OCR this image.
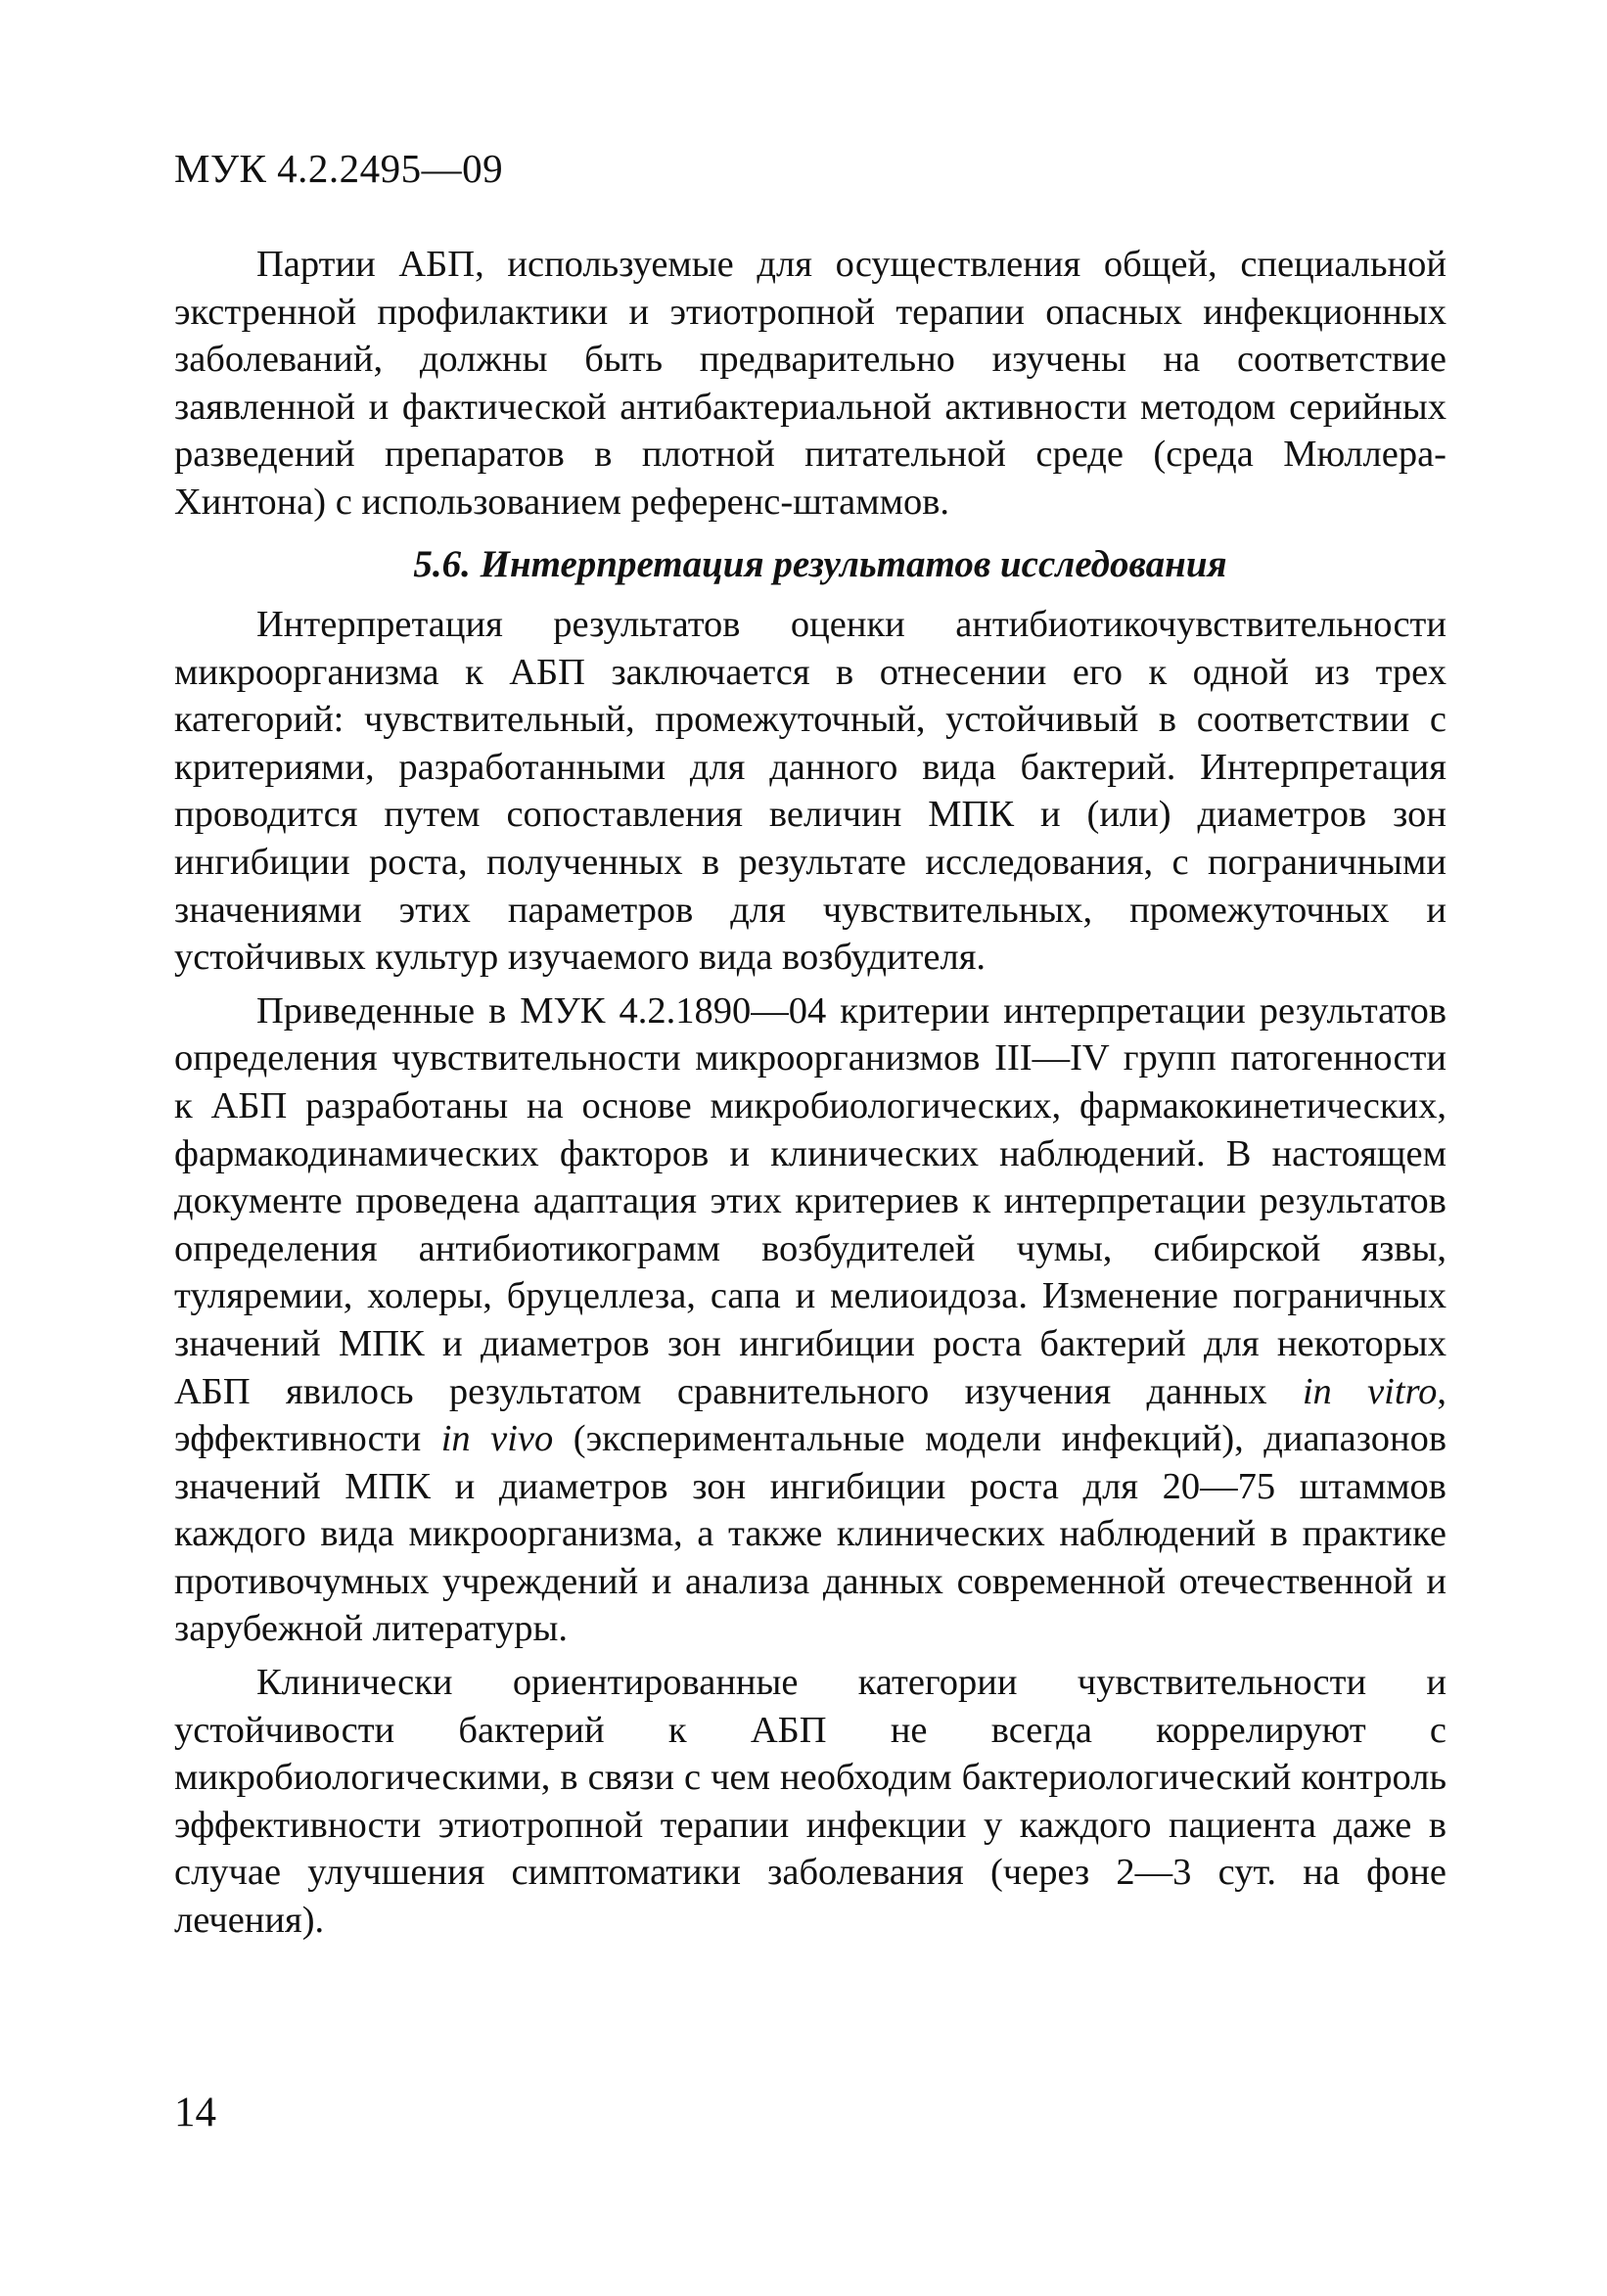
МУК 4.2.2495—09

Партии АБП, используемые для осуществления общей, специальной экстренной профилактики и этиотропной терапии опасных инфекционных заболеваний, должны быть предварительно изучены на соответствие заявленной и фактической антибактериальной активности методом серийных разведений препаратов в плотной питательной среде (среда Мюллера-Хинтона) с использованием референс-штаммов.

5.6. Интерпретация результатов исследования

Интерпретация результатов оценки антибиотикочувствительности микроорганизма к АБП заключается в отнесении его к одной из трех категорий: чувствительный, промежуточный, устойчивый в соответствии с критериями, разработанными для данного вида бактерий. Интерпретация проводится путем сопоставления величин МПК и (или) диаметров зон ингибиции роста, полученных в результате исследования, с пограничными значениями этих параметров для чувствительных, промежуточных и устойчивых культур изучаемого вида возбудителя.

Приведенные в МУК 4.2.1890—04 критерии интерпретации результатов определения чувствительности микроорганизмов III—IV групп патогенности к АБП разработаны на основе микробиологических, фармакокинетических, фармакодинамических факторов и клинических наблюдений. В настоящем документе проведена адаптация этих критериев к интерпретации результатов определения антибиотикограмм возбудителей чумы, сибирской язвы, туляремии, холеры, бруцеллеза, сапа и мелиоидоза. Изменение пограничных значений МПК и диаметров зон ингибиции роста бактерий для некоторых АБП явилось результатом сравнительного изучения данных in vitro, эффективности in vivo (экспериментальные модели инфекций), диапазонов значений МПК и диаметров зон ингибиции роста для 20—75 штаммов каждого вида микроорганизма, а также клинических наблюдений в практике противочумных учреждений и анализа данных современной отечественной и зарубежной литературы.

Клинически ориентированные категории чувствительности и устойчивости бактерий к АБП не всегда коррелируют с микробиологическими, в связи с чем необходим бактериологический контроль эффективности этиотропной терапии инфекции у каждого пациента даже в случае улучшения симптоматики заболевания (через 2—3 сут. на фоне лечения).

14
